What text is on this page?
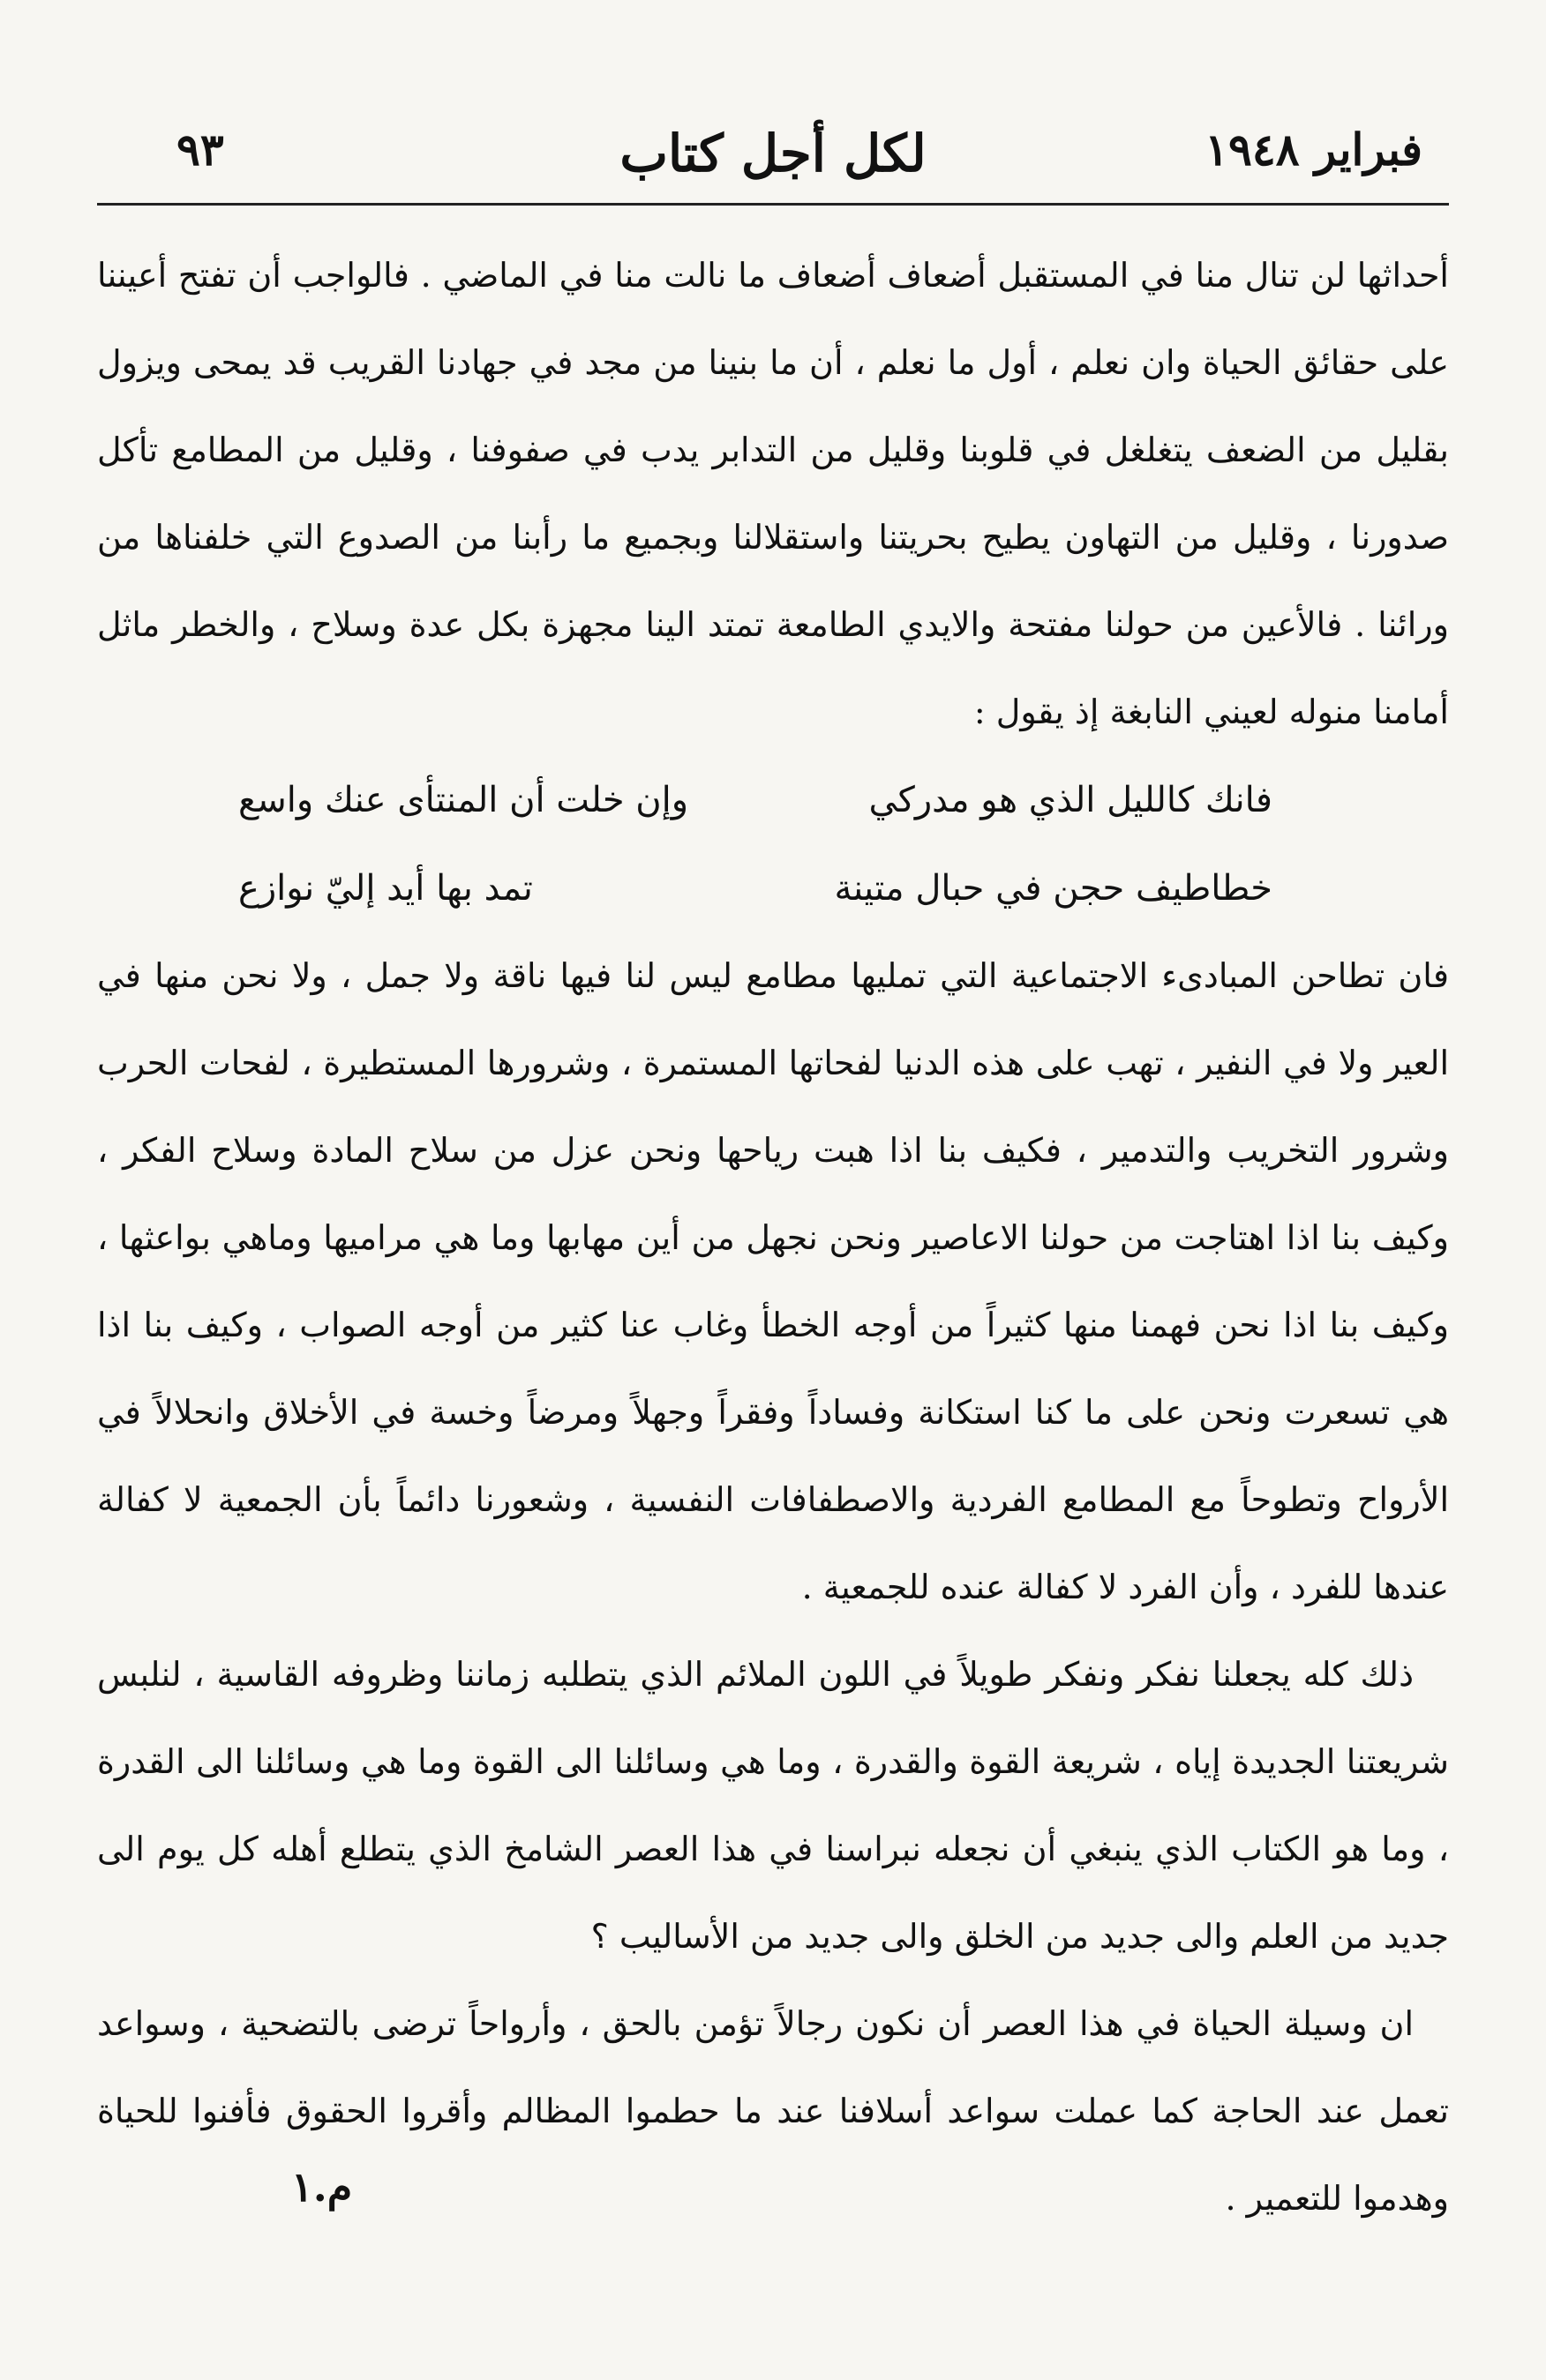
فبراير ١٩٤٨
لكل أجل كتاب
٩٣

أحداثها لن تنال منا في المستقبل أضعاف أضعاف ما نالت منا في الماضي . فالواجب أن تفتح أعيننا على حقائق الحياة وان نعلم ، أول ما نعلم ، أن ما بنينا من مجد في جهادنا القريب قد يمحى ويزول بقليل من الضعف يتغلغل في قلوبنا وقليل من التدابر يدب في صفوفنا ، وقليل من المطامع تأكل صدورنا ، وقليل من التهاون يطيح بحريتنا واستقلالنا وبجميع ما رأبنا من الصدوع التي خلفناها من ورائنا . فالأعين من حولنا مفتحة والايدي الطامعة تمتد الينا مجهزة بكل عدة وسلاح ، والخطر ماثل أمامنا منوله لعيني النابغة إذ يقول :

فانك كالليل الذي هو مدركي
وإن خلت أن المنتأى عنك واسع
خطاطيف حجن في حبال متينة
تمد بها أيد إليّ نوازع

فان تطاحن المبادىء الاجتماعية التي تمليها مطامع ليس لنا فيها ناقة ولا جمل ، ولا نحن منها في العير ولا في النفير ، تهب على هذه الدنيا لفحاتها المستمرة ، وشرورها المستطيرة ، لفحات الحرب وشرور التخريب والتدمير ، فكيف بنا اذا هبت رياحها ونحن عزل من سلاح المادة وسلاح الفكر ، وكيف بنا اذا اهتاجت من حولنا الاعاصير ونحن نجهل من أين مهابها وما هي مراميها وماهي بواعثها ، وكيف بنا اذا نحن فهمنا منها كثيراً من أوجه الخطأ وغاب عنا كثير من أوجه الصواب ، وكيف بنا اذا هي تسعرت ونحن على ما كنا استكانة وفساداً وفقراً وجهلاً ومرضاً وخسة في الأخلاق وانحلالاً في الأرواح وتطوحاً مع المطامع الفردية والاصطفافات النفسية ، وشعورنا دائماً بأن الجمعية لا كفالة عندها للفرد ، وأن الفرد لا كفالة عنده للجمعية .

ذلك كله يجعلنا نفكر ونفكر طويلاً في اللون الملائم الذي يتطلبه زماننا وظروفه القاسية ، لنلبس شريعتنا الجديدة إياه ، شريعة القوة والقدرة ، وما هي وسائلنا الى القوة وما هي وسائلنا الى القدرة ، وما هو الكتاب الذي ينبغي أن نجعله نبراسنا في هذا العصر الشامخ الذي يتطلع أهله كل يوم الى جديد من العلم والى جديد من الخلق والى جديد من الأساليب ؟

ان وسيلة الحياة في هذا العصر أن نكون رجالاً تؤمن بالحق ، وأرواحاً ترضى بالتضحية ، وسواعد تعمل عند الحاجة كما عملت سواعد أسلافنا عند ما حطموا المظالم وأقروا الحقوق فأفنوا للحياة وهدموا للتعمير .

م.١
